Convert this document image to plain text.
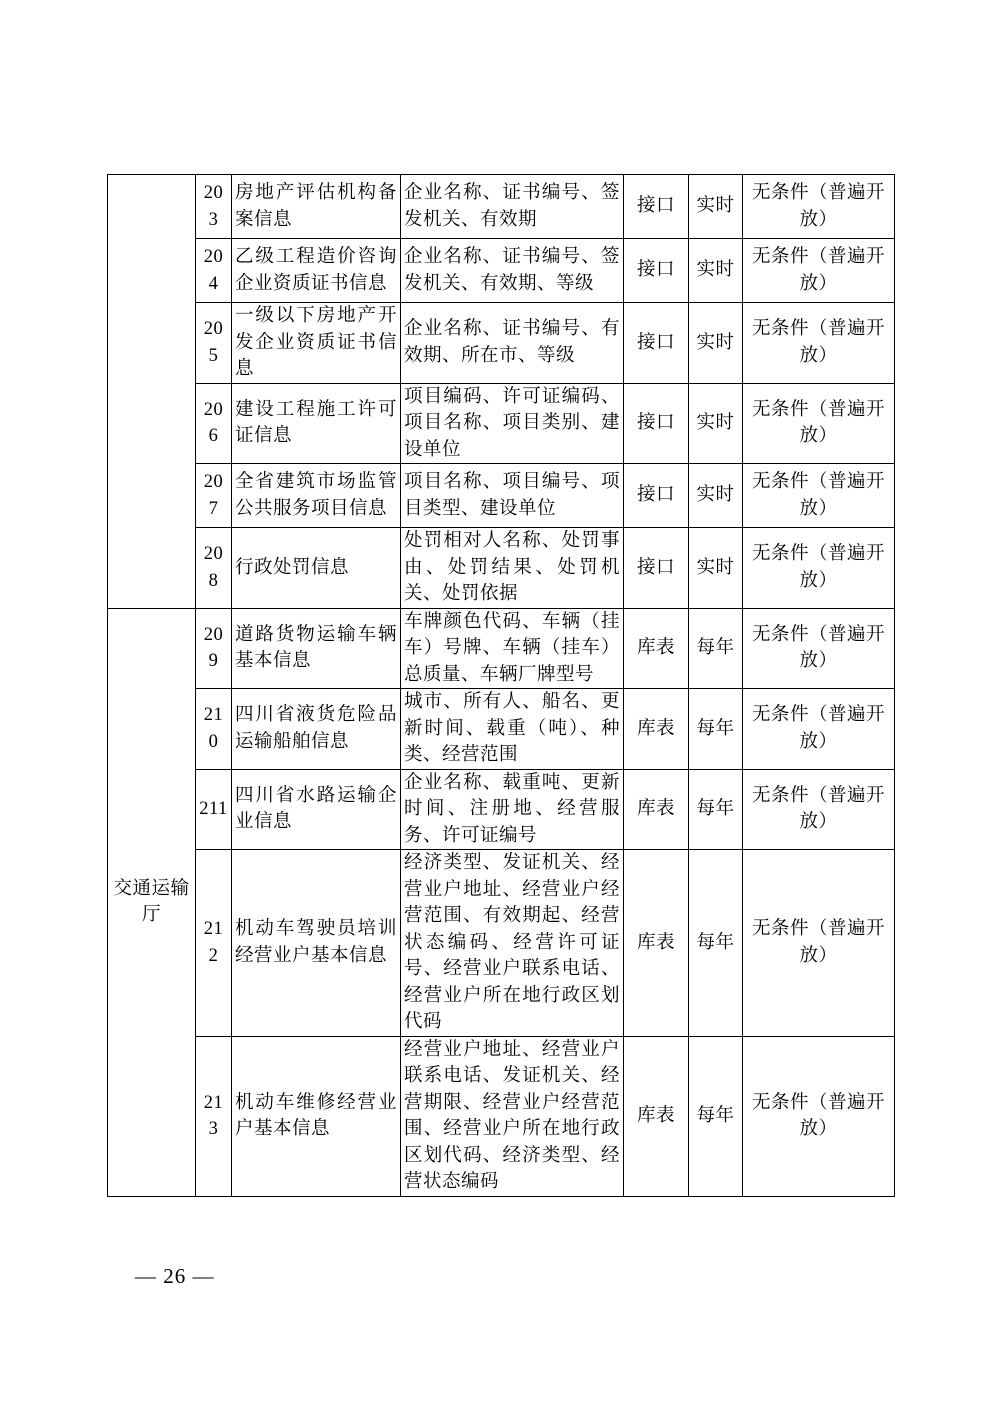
	203	房地产评估机构备案信息	企业名称、证书编号、签发机关、有效期	接口	实时	无条件（普遍开放）
	204	乙级工程造价咨询企业资质证书信息	企业名称、证书编号、签发机关、有效期、等级	接口	实时	无条件（普遍开放）
	205	一级以下房地产开发企业资质证书信息	企业名称、证书编号、有效期、所在市、等级	接口	实时	无条件（普遍开放）
	206	建设工程施工许可证信息	项目编码、许可证编码、项目名称、项目类别、建设单位	接口	实时	无条件（普遍开放）
	207	全省建筑市场监管公共服务项目信息	项目名称、项目编号、项目类型、建设单位	接口	实时	无条件（普遍开放）
	208	行政处罚信息	处罚相对人名称、处罚事由、处罚结果、处罚机关、处罚依据	接口	实时	无条件（普遍开放）
交通运输厅	209	道路货物运输车辆基本信息	车牌颜色代码、车辆（挂车）号牌、车辆（挂车）总质量、车辆厂牌型号	库表	每年	无条件（普遍开放）
	210	四川省液货危险品运输船舶信息	城市、所有人、船名、更新时间、载重（吨）、种类、经营范围	库表	每年	无条件（普遍开放）
	211	四川省水路运输企业信息	企业名称、载重吨、更新时间、注册地、经营服务、许可证编号	库表	每年	无条件（普遍开放）
	212	机动车驾驶员培训经营业户基本信息	经济类型、发证机关、经营业户地址、经营业户经营范围、有效期起、经营状态编码、经营许可证号、经营业户联系电话、经营业户所在地行政区划代码	库表	每年	无条件（普遍开放）
	213	机动车维修经营业户基本信息	经营业户地址、经营业户联系电话、发证机关、经营期限、经营业户经营范围、经营业户所在地行政区划代码、经济类型、经营状态编码	库表	每年	无条件（普遍开放）
— 26 —
